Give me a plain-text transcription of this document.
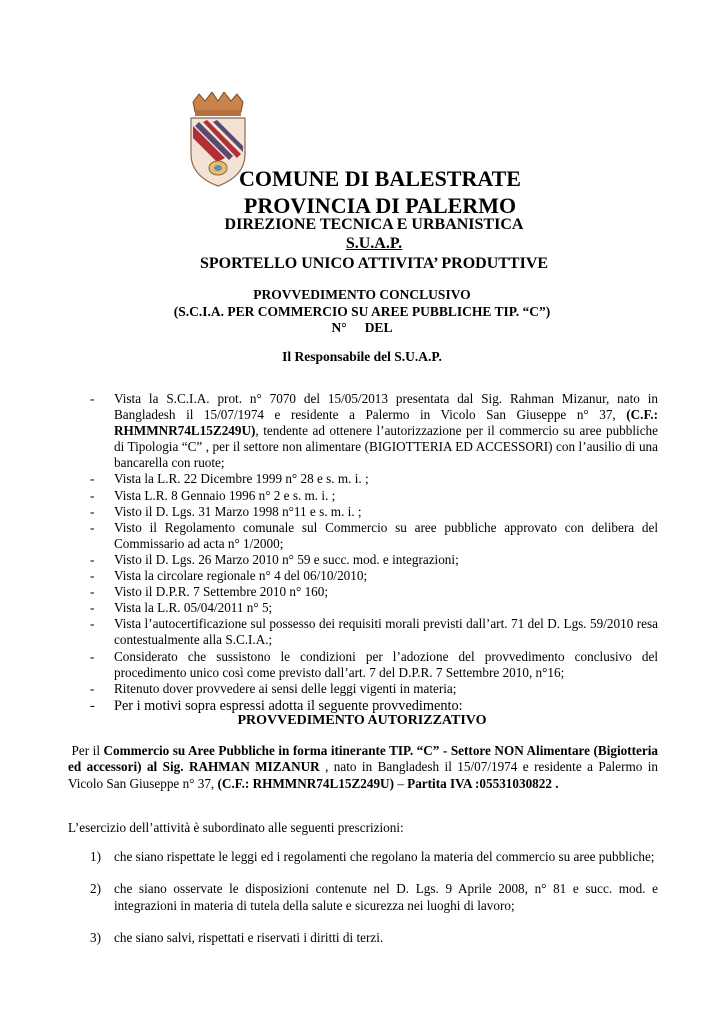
COMUNE DI BALESTRATE
PROVINCIA DI PALERMO
DIREZIONE TECNICA E URBANISTICA
S.U.A.P.
SPORTELLO UNICO ATTIVITA’ PRODUTTIVE
PROVVEDIMENTO CONCLUSIVO
(S.C.I.A. PER COMMERCIO SU AREE PUBBLICHE TIP. “C”)
N° DEL
Il Responsabile del S.U.A.P.
- Vista la S.C.I.A. prot. n° 7070 del 15/05/2013 presentata dal Sig. Rahman Mizanur, nato in Bangladesh il 15/07/1974 e residente a Palermo in Vicolo San Giuseppe n° 37, (C.F.: RHMMNR74L15Z249U), tendente ad ottenere l’autorizzazione per il commercio su aree pubbliche di Tipologia “C” , per il settore non alimentare (BIGIOTTERIA ED ACCESSORI) con l’ausilio di una bancarella con ruote;
- Vista la L.R. 22 Dicembre 1999 n° 28 e s. m. i. ;
- Vista L.R. 8 Gennaio 1996 n° 2 e s. m. i. ;
- Visto il D. Lgs. 31 Marzo 1998 n°11 e s. m. i. ;
- Visto il Regolamento comunale sul Commercio su aree pubbliche approvato con delibera del Commissario ad acta n° 1/2000;
- Visto il D. Lgs. 26 Marzo 2010 n° 59 e succ. mod. e integrazioni;
- Vista la circolare regionale n° 4 del 06/10/2010;
- Visto il D.P.R. 7 Settembre 2010 n° 160;
- Vista la L.R. 05/04/2011 n° 5;
- Vista l’autocertificazione sul possesso dei requisiti morali previsti dall’art. 71 del D. Lgs. 59/2010 resa contestualmente alla S.C.I.A.;
- Considerato che sussistono le condizioni per l’adozione del provvedimento conclusivo del procedimento unico così come previsto dall’art. 7 del D.P.R. 7 Settembre 2010, n°16;
- Ritenuto dover provvedere ai sensi delle leggi vigenti in materia;
- Per i motivi sopra espressi adotta il seguente provvedimento:
PROVVEDIMENTO AUTORIZZATIVO

Per il Commercio su Aree Pubbliche in forma itinerante TIP. “C” - Settore NON Alimentare (Bigiotteria ed accessori) al Sig. RAHMAN MIZANUR , nato in Bangladesh il 15/07/1974 e residente a Palermo in Vicolo San Giuseppe n° 37, (C.F.: RHMMNR74L15Z249U) – Partita IVA :05531030822 .

L’esercizio dell’attività è subordinato alle seguenti prescrizioni:

1) che siano rispettate le leggi ed i regolamenti che regolano la materia del commercio su aree pubbliche;
2) che siano osservate le disposizioni contenute nel D. Lgs. 9 Aprile 2008, n° 81 e succ. mod. e integrazioni in materia di tutela della salute e sicurezza nei luoghi di lavoro;
3) che siano salvi, rispettati e riservati i diritti di terzi.
